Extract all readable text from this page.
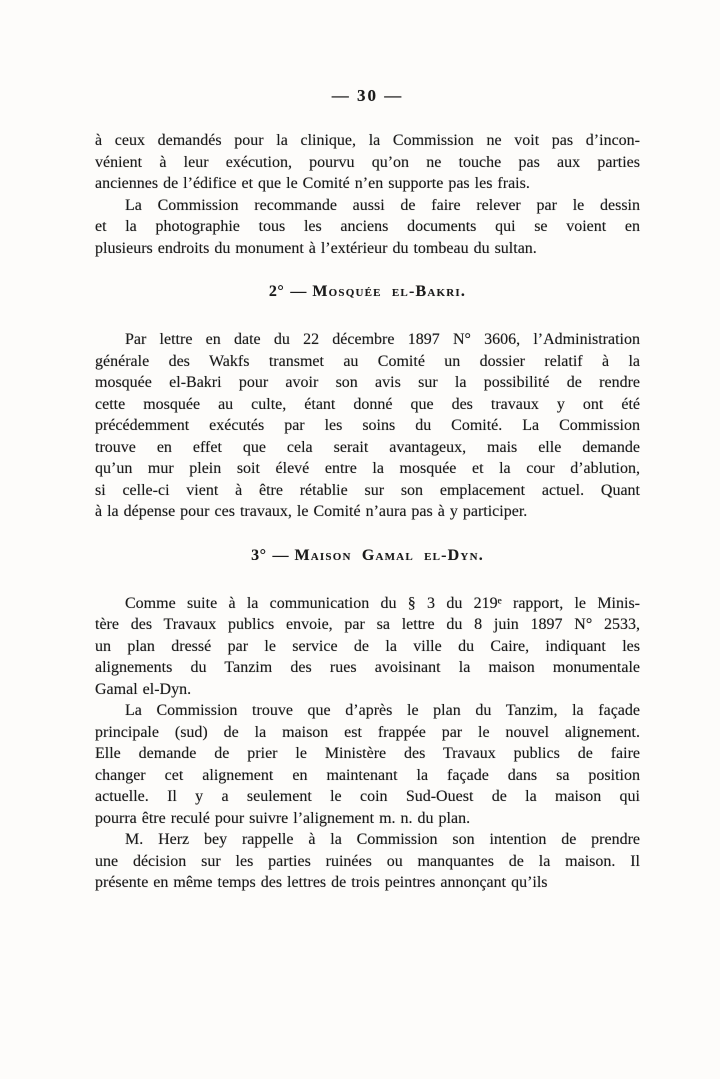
— 30 —
à ceux demandés pour la clinique, la Commission ne voit pas d’incon-
vénient à leur exécution, pourvu qu’on ne touche pas aux parties
anciennes de l’édifice et que le Comité n’en supporte pas les frais.
La Commission recommande aussi de faire relever par le dessin
et la photographie tous les anciens documents qui se voient en
plusieurs endroits du monument à l’extérieur du tombeau du sultan.
2° — Mosquée el-Bakri.
Par lettre en date du 22 décembre 1897 N° 3606, l’Administration
générale des Wakfs transmet au Comité un dossier relatif à la
mosquée el-Bakri pour avoir son avis sur la possibilité de rendre
cette mosquée au culte, étant donné que des travaux y ont été
précédemment exécutés par les soins du Comité. La Commission
trouve en effet que cela serait avantageux, mais elle demande
qu’un mur plein soit élevé entre la mosquée et la cour d’ablution,
si celle-ci vient à être rétablie sur son emplacement actuel. Quant
à la dépense pour ces travaux, le Comité n’aura pas à y participer.
3° — Maison Gamal el-Dyn.
Comme suite à la communication du § 3 du 219ᵉ rapport, le Minis-
tère des Travaux publics envoie, par sa lettre du 8 juin 1897 N° 2533,
un plan dressé par le service de la ville du Caire, indiquant les
alignements du Tanzim des rues avoisinant la maison monumentale
Gamal el-Dyn.
La Commission trouve que d’après le plan du Tanzim, la façade
principale (sud) de la maison est frappée par le nouvel alignement.
Elle demande de prier le Ministère des Travaux publics de faire
changer cet alignement en maintenant la façade dans sa position
actuelle. Il y a seulement le coin Sud-Ouest de la maison qui
pourra être reculé pour suivre l’alignement m. n. du plan.
M. Herz bey rappelle à la Commission son intention de prendre
une décision sur les parties ruinées ou manquantes de la maison. Il
présente en même temps des lettres de trois peintres annonçant qu’ils
